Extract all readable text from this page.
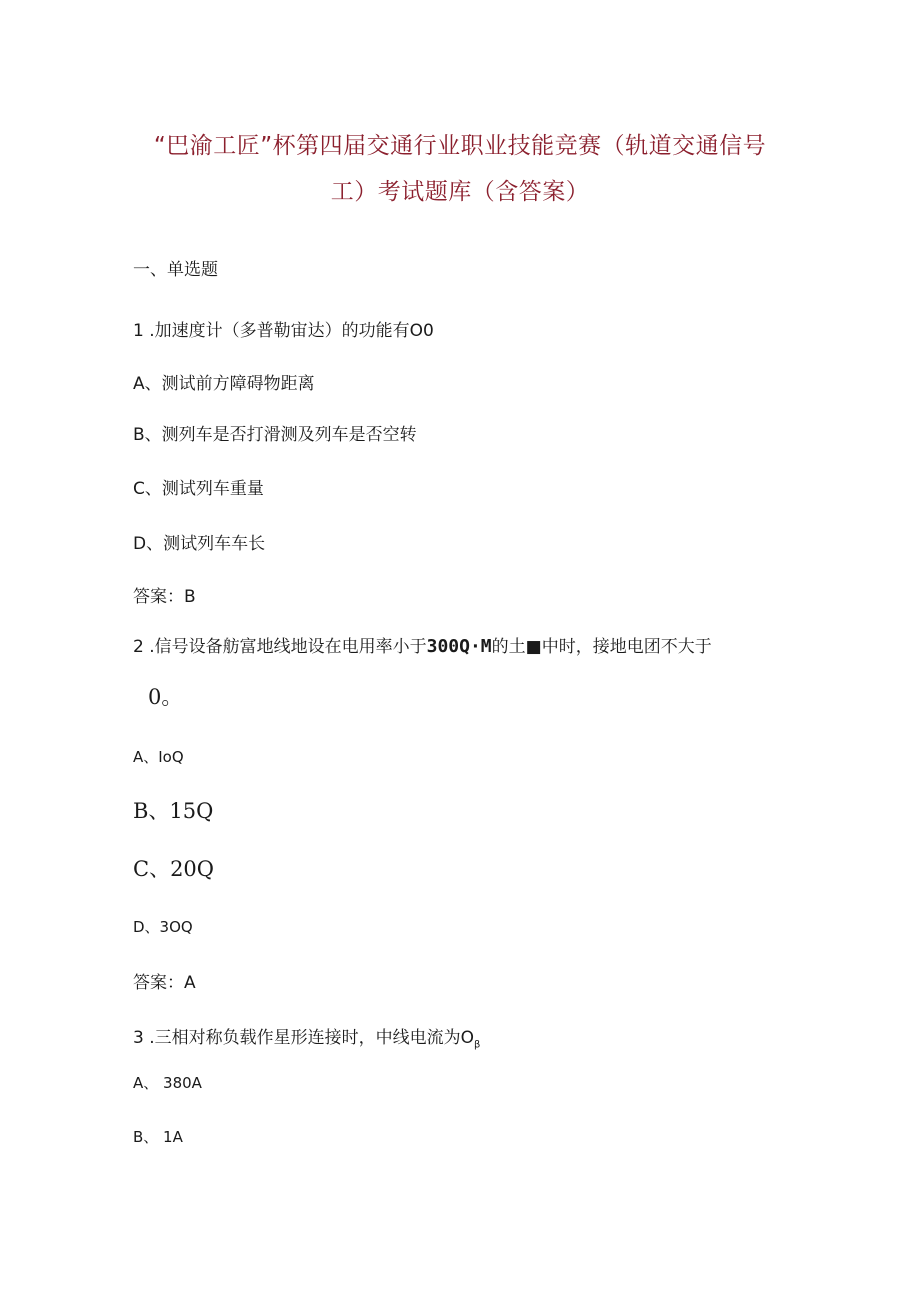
“巴渝工匠”杯第四届交通行业职业技能竞赛（轨道交通信号
工）考试题库（含答案）
一、单选题
1 .加速度计（多普勒宙达）的功能有O0
A、测试前方障碍物距离
B、测列车是否打滑测及列车是否空转
C、测试列车重量
D、测试列车车长
答案：B
2 .信号设备舫富地线地设在电用率小于300Q·M的土■中时，接地电团不大于
0。
A、IoQ
B、15Q
C、20Q
D、3OQ
答案：A
3 .三相对称负载作星形连接时，中线电流为$O_\beta$
A、 380A
B、 1A
